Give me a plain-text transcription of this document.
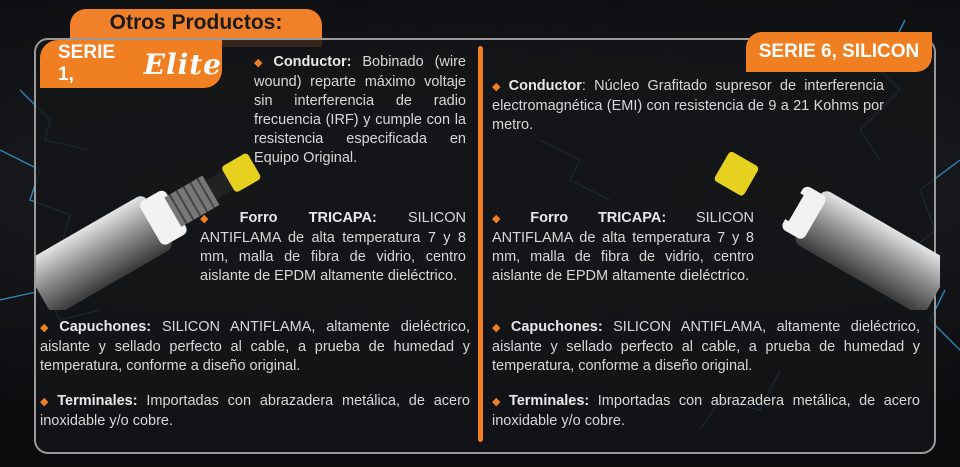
Otros Productos:
SERIE 1,	Elite	SERIE 6, SILICON
◆ Conductor: Bobinado (wire wound) reparte máximo voltaje sin interferencia de radio frecuencia (IRF) y cumple con la resistencia especificada en Equipo Original.
◆ Forro TRICAPA: SILICON ANTIFLAMA de alta temperatura 7 y 8 mm, malla de fibra de vidrio, centro aislante de EPDM altamente dieléctrico.
◆ Capuchones: SILICON ANTIFLAMA, altamente dieléctrico, aislante y sellado perfecto al cable, a prueba de humedad y temperatura, conforme a diseño original.
◆ Terminales: Importadas con abrazadera metálica, de acero inoxidable y/o cobre.
◆ Conductor: Núcleo Grafitado supresor de interferencia electromagnética (EMI) con resistencia de 9 a 21 Kohms por metro.
◆ Forro TRICAPA: SILICON ANTIFLAMA de alta temperatura 7 y 8 mm, malla de fibra de vidrio, centro aislante de EPDM altamente dieléctrico.
◆ Capuchones: SILICON ANTIFLAMA, altamente dieléctrico, aislante y sellado perfecto al cable, a prueba de humedad y temperatura, conforme a diseño original.
◆ Terminales: Importadas con abrazadera metálica, de acero inoxidable y/o cobre.
